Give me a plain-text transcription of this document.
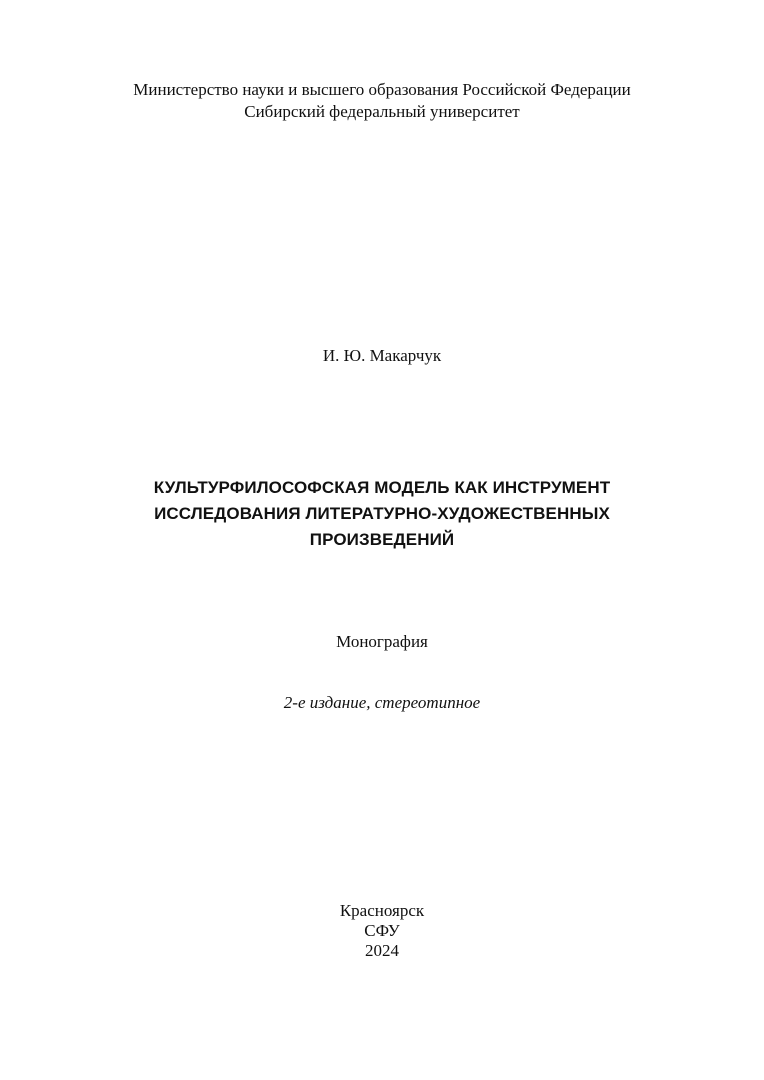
Министерство науки и высшего образования Российской Федерации
Сибирский федеральный университет
И. Ю. Макарчук
КУЛЬТУРФИЛОСОФСКАЯ МОДЕЛЬ КАК ИНСТРУМЕНТ
ИССЛЕДОВАНИЯ ЛИТЕРАТУРНО-ХУДОЖЕСТВЕННЫХ
ПРОИЗВЕДЕНИЙ
Монография
2-е издание, стереотипное
Красноярск
СФУ
2024
